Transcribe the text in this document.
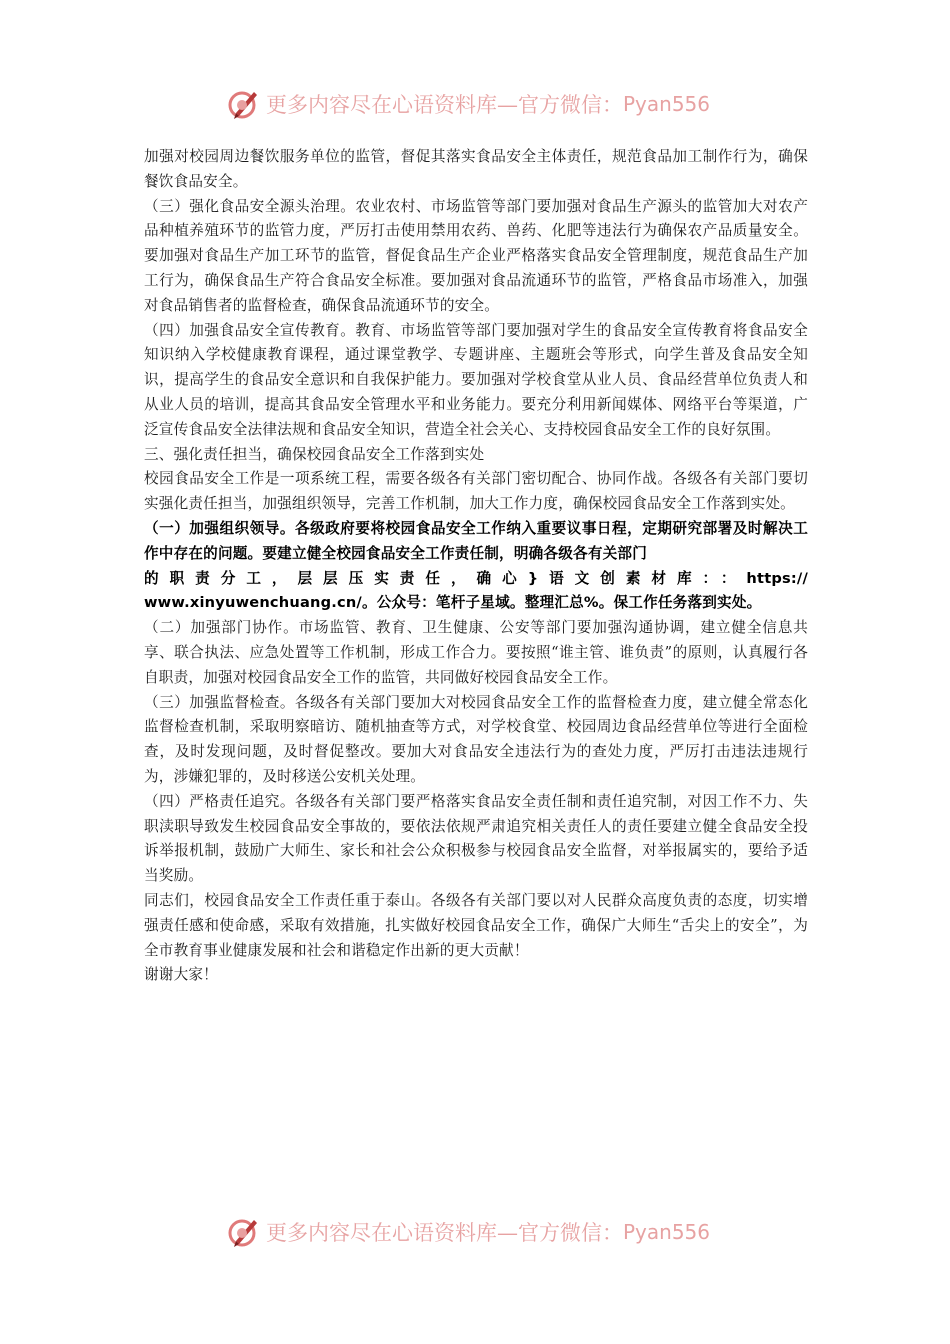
更多内容尽在心语资料库—官方微信： Pyan556

加强对校园周边餐饮服务单位的监管，督促其落实食品安全主体责任，规范食品加工制作行为，确保餐饮食品安全。

（三）强化食品安全源头治理。农业农村、市场监管等部门要加强对食品生产源头的监管加大对农产品种植养殖环节的监管力度，严厉打击使用禁用农药、兽药、化肥等违法行为确保农产品质量安全。要加强对食品生产加工环节的监管，督促食品生产企业严格落实食品安全管理制度，规范食品生产加工行为，确保食品生产符合食品安全标准。要加强对食品流通环节的监管，严格食品市场准入，加强对食品销售者的监督检查，确保食品流通环节的安全。

（四）加强食品安全宣传教育。教育、市场监管等部门要加强对学生的食品安全宣传教育将食品安全知识纳入学校健康教育课程，通过课堂教学、专题讲座、主题班会等形式，向学生普及食品安全知识，提高学生的食品安全意识和自我保护能力。要加强对学校食堂从业人员、食品经营单位负责人和从业人员的培训，提高其食品安全管理水平和业务能力。要充分利用新闻媒体、网络平台等渠道，广泛宣传食品安全法律法规和食品安全知识，营造全社会关心、支持校园食品安全工作的良好氛围。

三、强化责任担当，确保校园食品安全工作落到实处

校园食品安全工作是一项系统工程，需要各级各有关部门密切配合、协同作战。各级各有关部门要切实强化责任担当，加强组织领导，完善工作机制，加大工作力度，确保校园食品安全工作落到实处。

（一）加强组织领导。各级政府要将校园食品安全工作纳入重要议事日程，定期研究部署及时解决工作中存在的问题。要建立健全校园食品安全工作责任制，明确各级各有关部门
的职责分工，层层压实责任，确心}语文创素材库：：https://
www.xinyuwenchuang.cn/。公众号：笔杆子星域。整理汇总%。保工作任务落到实处。

（二）加强部门协作。市场监管、教育、卫生健康、公安等部门要加强沟通协调，建立健全信息共享、联合执法、应急处置等工作机制，形成工作合力。要按照“谁主管、谁负责”的原则，认真履行各自职责，加强对校园食品安全工作的监管，共同做好校园食品安全工作。

（三）加强监督检查。各级各有关部门要加大对校园食品安全工作的监督检查力度，建立健全常态化监督检查机制，采取明察暗访、随机抽查等方式，对学校食堂、校园周边食品经营单位等进行全面检查，及时发现问题，及时督促整改。要加大对食品安全违法行为的查处力度，严厉打击违法违规行为，涉嫌犯罪的，及时移送公安机关处理。

（四）严格责任追究。各级各有关部门要严格落实食品安全责任制和责任追究制，对因工作不力、失职渎职导致发生校园食品安全事故的，要依法依规严肃追究相关责任人的责任要建立健全食品安全投诉举报机制，鼓励广大师生、家长和社会公众积极参与校园食品安全监督，对举报属实的，要给予适当奖励。

同志们，校园食品安全工作责任重于泰山。各级各有关部门要以对人民群众高度负责的态度，切实增强责任感和使命感，采取有效措施，扎实做好校园食品安全工作，确保广大师生“舌尖上的安全”，为全市教育事业健康发展和社会和谐稳定作出新的更大贡献！

谢谢大家！

更多内容尽在心语资料库—官方微信： Pyan556
